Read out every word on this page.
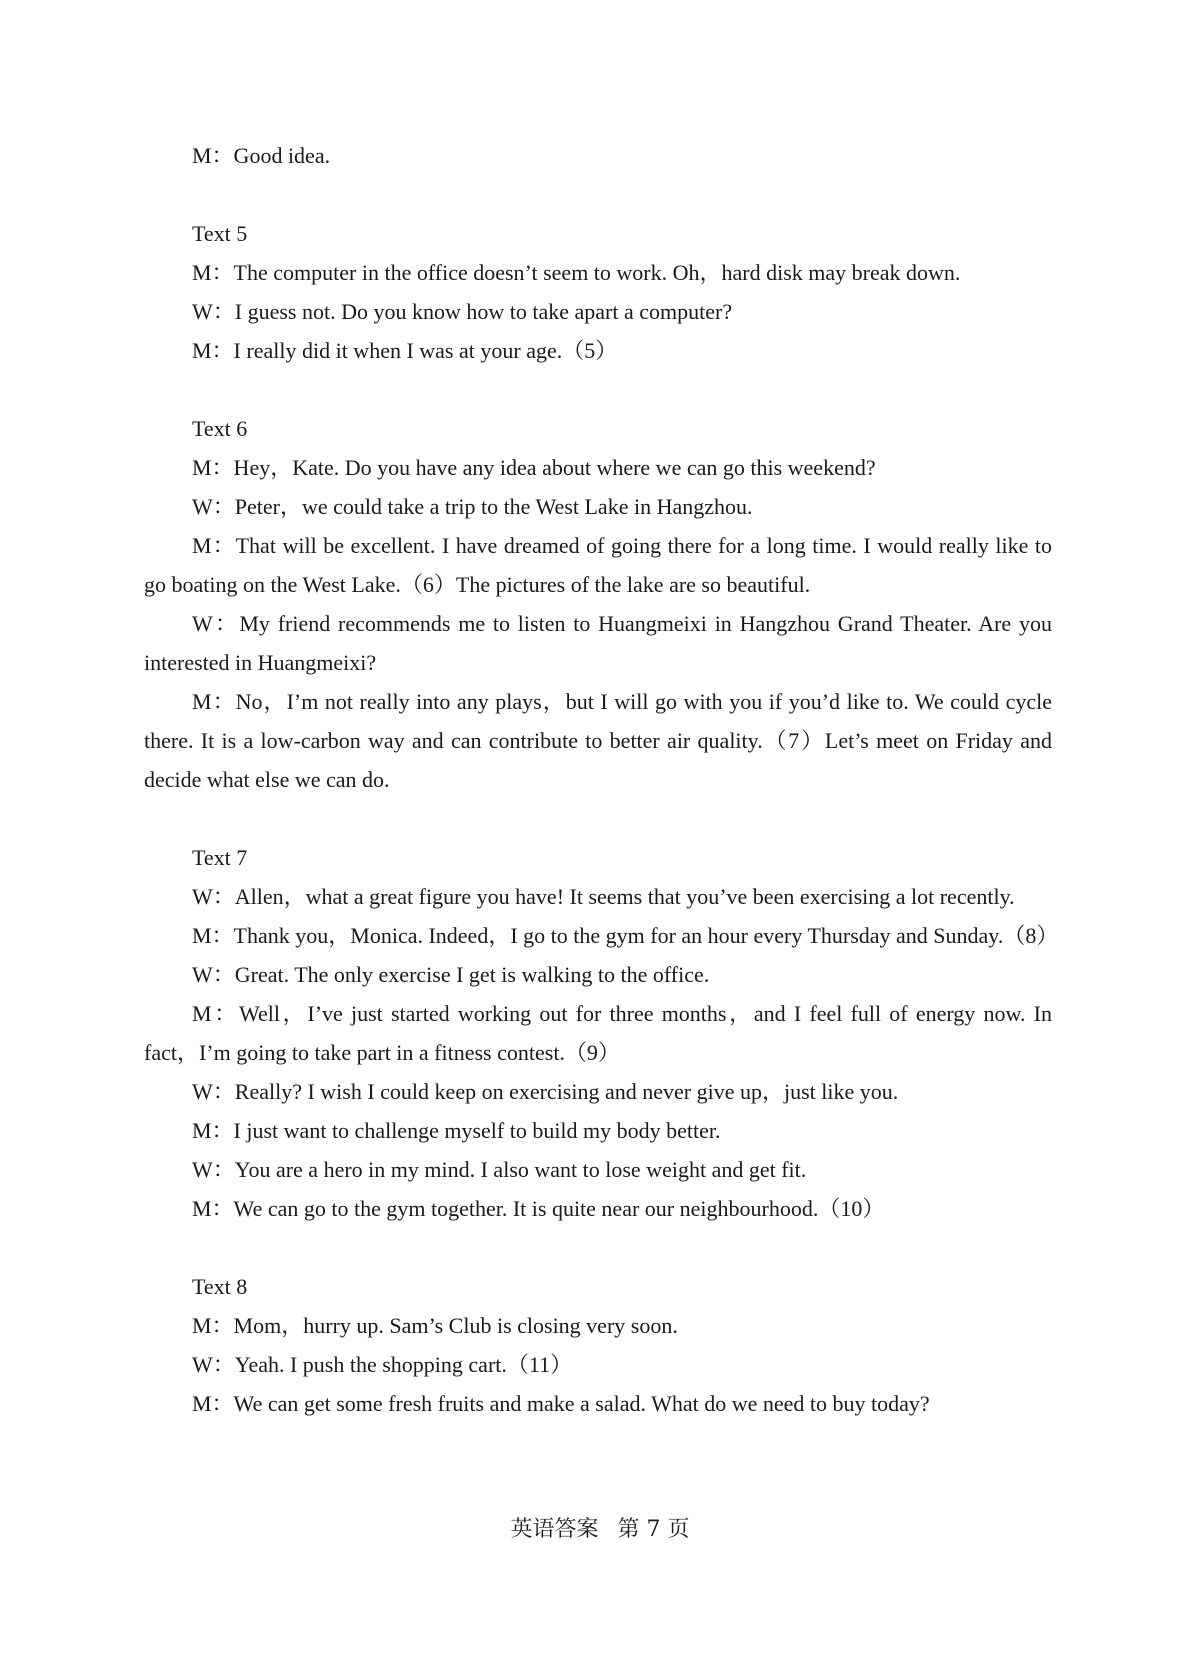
M：Good idea.

Text 5

M：The computer in the office doesn’t seem to work. Oh，hard disk may break down.

W：I guess not. Do you know how to take apart a computer?

M：I really did it when I was at your age.（5）

Text 6

M：Hey，Kate. Do you have any idea about where we can go this weekend?

W：Peter，we could take a trip to the West Lake in Hangzhou.

M：That will be excellent. I have dreamed of going there for a long time. I would really like to go boating on the West Lake.（6）The pictures of the lake are so beautiful.

W：My friend recommends me to listen to Huangmeixi in Hangzhou Grand Theater. Are you interested in Huangmeixi?

M：No，I’m not really into any plays，but I will go with you if you’d like to. We could cycle there. It is a low-carbon way and can contribute to better air quality.（7）Let’s meet on Friday and decide what else we can do.

Text 7

W：Allen，what a great figure you have! It seems that you’ve been exercising a lot recently.

M：Thank you，Monica. Indeed，I go to the gym for an hour every Thursday and Sunday.（8）

W：Great. The only exercise I get is walking to the office.

M：Well，I’ve just started working out for three months，and I feel full of energy now. In fact，I’m going to take part in a fitness contest.（9）

W：Really? I wish I could keep on exercising and never give up，just like you.

M：I just want to challenge myself to build my body better.

W：You are a hero in my mind. I also want to lose weight and get fit.

M：We can go to the gym together. It is quite near our neighbourhood.（10）

Text 8

M：Mom，hurry up. Sam’s Club is closing very soon.

W：Yeah. I push the shopping cart.（11）

M：We can get some fresh fruits and make a salad. What do we need to buy today?

英语答案 第 7 页
